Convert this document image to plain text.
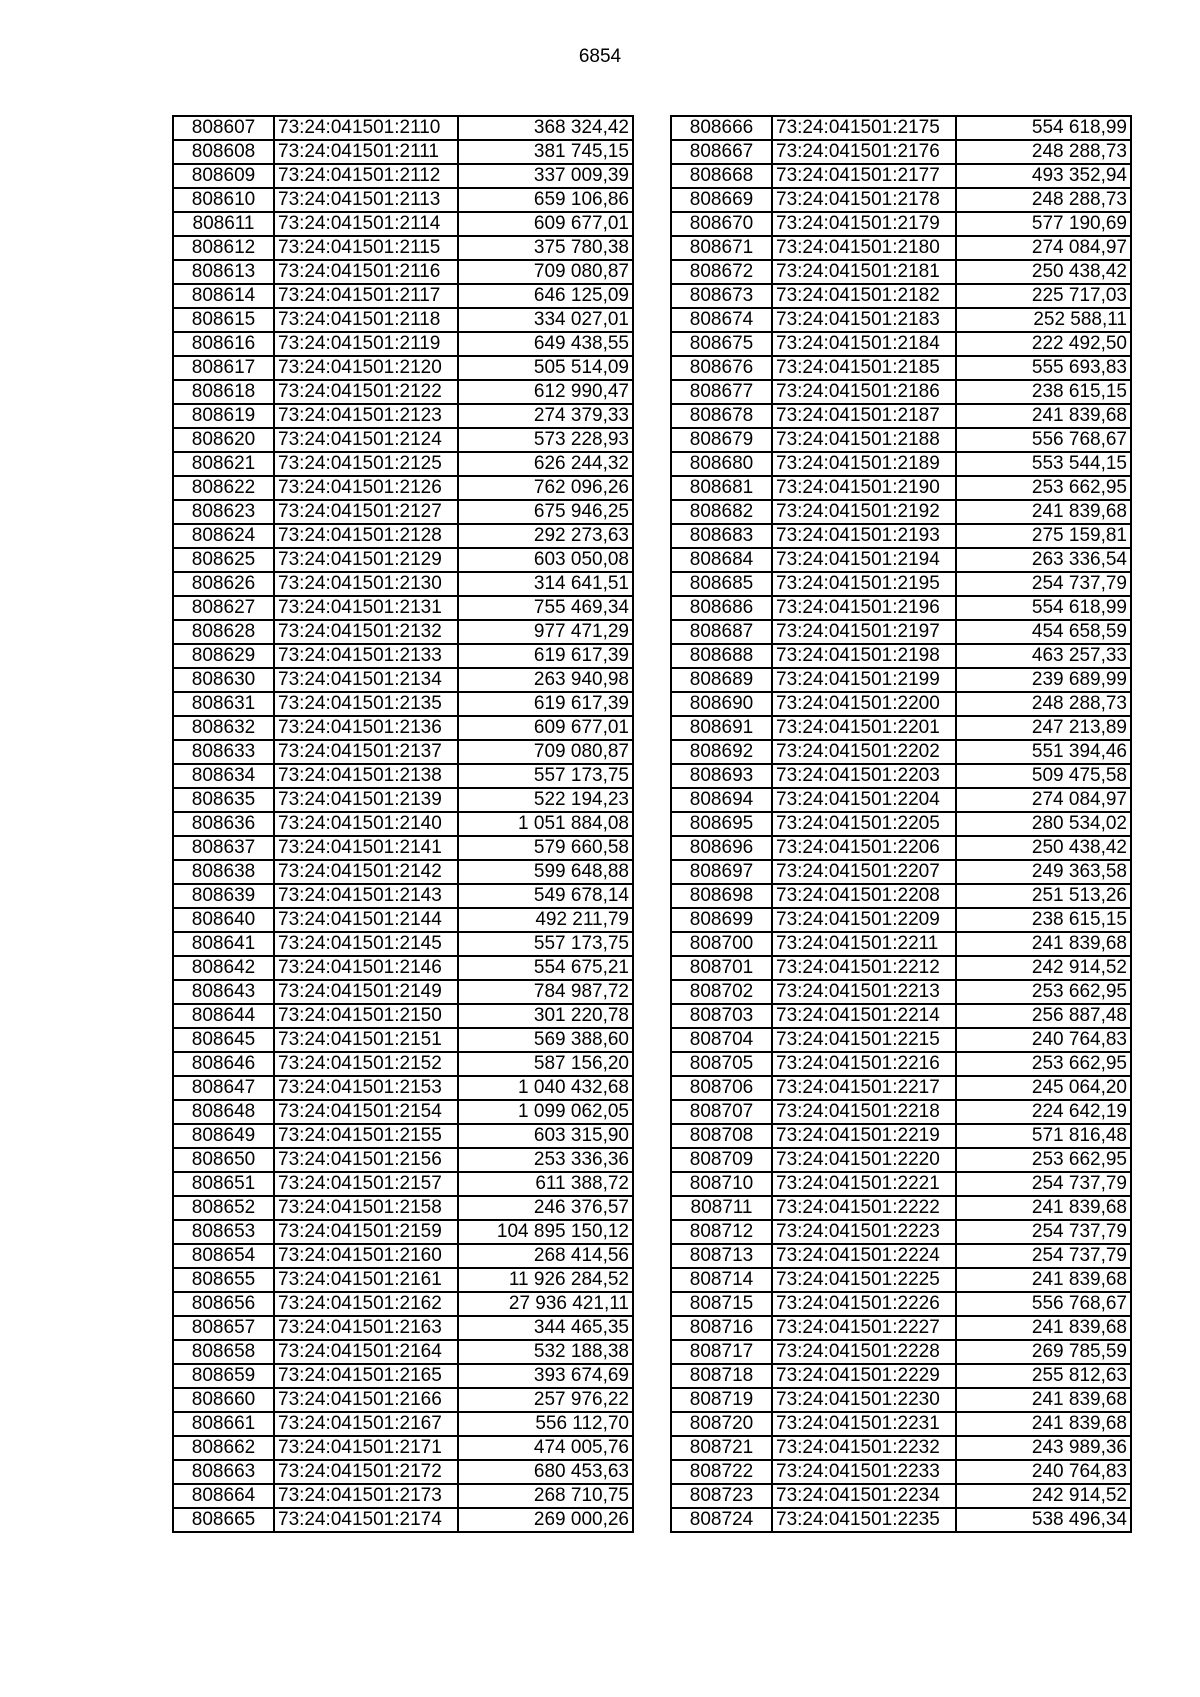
6854
808607	73:24:041501:2110	368 324,42
808608	73:24:041501:2111	381 745,15
808609	73:24:041501:2112	337 009,39
808610	73:24:041501:2113	659 106,86
808611	73:24:041501:2114	609 677,01
808612	73:24:041501:2115	375 780,38
808613	73:24:041501:2116	709 080,87
808614	73:24:041501:2117	646 125,09
808615	73:24:041501:2118	334 027,01
808616	73:24:041501:2119	649 438,55
808617	73:24:041501:2120	505 514,09
808618	73:24:041501:2122	612 990,47
808619	73:24:041501:2123	274 379,33
808620	73:24:041501:2124	573 228,93
808621	73:24:041501:2125	626 244,32
808622	73:24:041501:2126	762 096,26
808623	73:24:041501:2127	675 946,25
808624	73:24:041501:2128	292 273,63
808625	73:24:041501:2129	603 050,08
808626	73:24:041501:2130	314 641,51
808627	73:24:041501:2131	755 469,34
808628	73:24:041501:2132	977 471,29
808629	73:24:041501:2133	619 617,39
808630	73:24:041501:2134	263 940,98
808631	73:24:041501:2135	619 617,39
808632	73:24:041501:2136	609 677,01
808633	73:24:041501:2137	709 080,87
808634	73:24:041501:2138	557 173,75
808635	73:24:041501:2139	522 194,23
808636	73:24:041501:2140	1 051 884,08
808637	73:24:041501:2141	579 660,58
808638	73:24:041501:2142	599 648,88
808639	73:24:041501:2143	549 678,14
808640	73:24:041501:2144	492 211,79
808641	73:24:041501:2145	557 173,75
808642	73:24:041501:2146	554 675,21
808643	73:24:041501:2149	784 987,72
808644	73:24:041501:2150	301 220,78
808645	73:24:041501:2151	569 388,60
808646	73:24:041501:2152	587 156,20
808647	73:24:041501:2153	1 040 432,68
808648	73:24:041501:2154	1 099 062,05
808649	73:24:041501:2155	603 315,90
808650	73:24:041501:2156	253 336,36
808651	73:24:041501:2157	611 388,72
808652	73:24:041501:2158	246 376,57
808653	73:24:041501:2159	104 895 150,12
808654	73:24:041501:2160	268 414,56
808655	73:24:041501:2161	11 926 284,52
808656	73:24:041501:2162	27 936 421,11
808657	73:24:041501:2163	344 465,35
808658	73:24:041501:2164	532 188,38
808659	73:24:041501:2165	393 674,69
808660	73:24:041501:2166	257 976,22
808661	73:24:041501:2167	556 112,70
808662	73:24:041501:2171	474 005,76
808663	73:24:041501:2172	680 453,63
808664	73:24:041501:2173	268 710,75
808665	73:24:041501:2174	269 000,26
808666	73:24:041501:2175	554 618,99
808667	73:24:041501:2176	248 288,73
808668	73:24:041501:2177	493 352,94
808669	73:24:041501:2178	248 288,73
808670	73:24:041501:2179	577 190,69
808671	73:24:041501:2180	274 084,97
808672	73:24:041501:2181	250 438,42
808673	73:24:041501:2182	225 717,03
808674	73:24:041501:2183	252 588,11
808675	73:24:041501:2184	222 492,50
808676	73:24:041501:2185	555 693,83
808677	73:24:041501:2186	238 615,15
808678	73:24:041501:2187	241 839,68
808679	73:24:041501:2188	556 768,67
808680	73:24:041501:2189	553 544,15
808681	73:24:041501:2190	253 662,95
808682	73:24:041501:2192	241 839,68
808683	73:24:041501:2193	275 159,81
808684	73:24:041501:2194	263 336,54
808685	73:24:041501:2195	254 737,79
808686	73:24:041501:2196	554 618,99
808687	73:24:041501:2197	454 658,59
808688	73:24:041501:2198	463 257,33
808689	73:24:041501:2199	239 689,99
808690	73:24:041501:2200	248 288,73
808691	73:24:041501:2201	247 213,89
808692	73:24:041501:2202	551 394,46
808693	73:24:041501:2203	509 475,58
808694	73:24:041501:2204	274 084,97
808695	73:24:041501:2205	280 534,02
808696	73:24:041501:2206	250 438,42
808697	73:24:041501:2207	249 363,58
808698	73:24:041501:2208	251 513,26
808699	73:24:041501:2209	238 615,15
808700	73:24:041501:2211	241 839,68
808701	73:24:041501:2212	242 914,52
808702	73:24:041501:2213	253 662,95
808703	73:24:041501:2214	256 887,48
808704	73:24:041501:2215	240 764,83
808705	73:24:041501:2216	253 662,95
808706	73:24:041501:2217	245 064,20
808707	73:24:041501:2218	224 642,19
808708	73:24:041501:2219	571 816,48
808709	73:24:041501:2220	253 662,95
808710	73:24:041501:2221	254 737,79
808711	73:24:041501:2222	241 839,68
808712	73:24:041501:2223	254 737,79
808713	73:24:041501:2224	254 737,79
808714	73:24:041501:2225	241 839,68
808715	73:24:041501:2226	556 768,67
808716	73:24:041501:2227	241 839,68
808717	73:24:041501:2228	269 785,59
808718	73:24:041501:2229	255 812,63
808719	73:24:041501:2230	241 839,68
808720	73:24:041501:2231	241 839,68
808721	73:24:041501:2232	243 989,36
808722	73:24:041501:2233	240 764,83
808723	73:24:041501:2234	242 914,52
808724	73:24:041501:2235	538 496,34
